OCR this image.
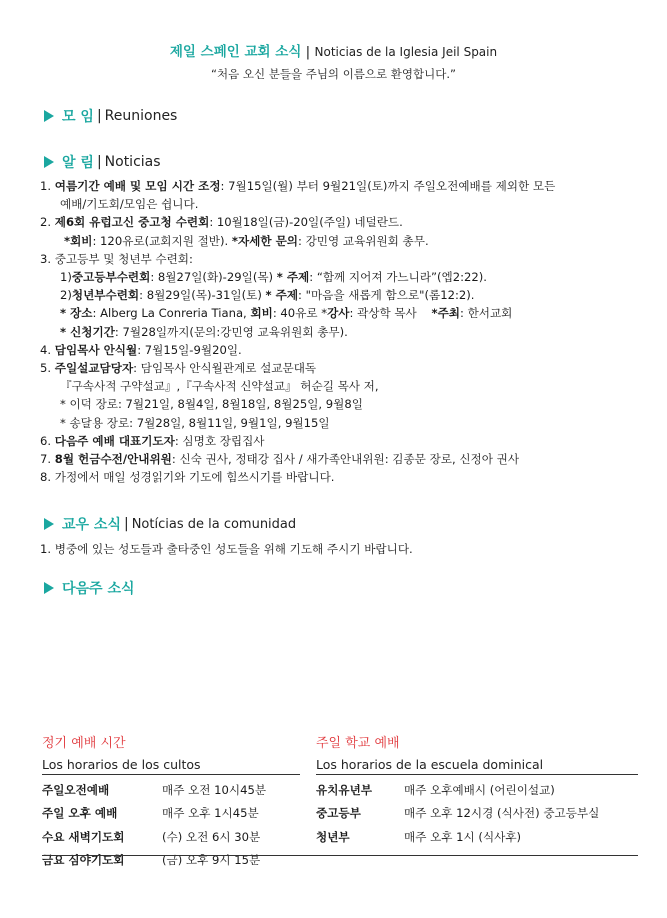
제일 스페인 교회 소식 | Noticias de la Iglesia Jeil Spain
“처음 오신 분들을 주님의 이름으로 환영합니다.”
모 임 | Reuniones
알 림 | Noticias
1. 여름기간 예배 및 모임 시간 조정: 7월15일(월) 부터 9월21일(토)까지 주일오전예배를 제외한 모든
예배/기도회/모임은 쉽니다.
2. 제6회 유럽고신 중고청 수련회: 10월18일(금)-20일(주일) 네덜란드.
*회비: 120유로(교회지원 절반). *자세한 문의: 강민영 교육위원회 총무.
3. 중고등부 및 청년부 수련회:
1)중고등부수련회: 8월27일(화)-29일(목) * 주제: “함께 지어져 가느니라”(엡2:22).
2)청년부수련회: 8월29일(목)-31일(토) * 주제: "마음을 새롭게 함으로"(롬12:2).
* 장소: Alberg La Conreria Tiana, 회비: 40유로 *강사: 곽상학 목사 *주최: 한서교회
* 신청기간: 7월28일까지(문의:강민영 교육위원회 총무).
4. 담임목사 안식월: 7월15일-9월20일.
5. 주일설교담당자: 담임목사 안식월관계로 설교문대독
『구속사적 구약설교』,『구속사적 신약설교』 허순길 목사 저,
* 이덕 장로: 7월21일, 8월4일, 8월18일, 8월25일, 9월8일
* 송달용 장로: 7월28일, 8월11일, 9월1일, 9월15일
6. 다음주 예배 대표기도자: 심명호 장립집사
7. 8월 헌금수전/안내위원: 신숙 권사, 정태강 집사 / 새가족안내위원: 김종문 장로, 신정아 권사
8. 가정에서 매일 성경읽기와 기도에 힘쓰시기를 바랍니다.
교우 소식 | Notícias de la comunidad
1. 병중에 있는 성도들과 출타중인 성도들을 위해 기도해 주시기 바랍니다.
다음주 소식
정기 예배 시간
Los horarios de los cultos
주일오전예배	매주 오전 10시45분
주일 오후 예배	매주 오후 1시45분
수요 새벽기도회	(수) 오전 6시 30분
금요 심야기도회	(금) 오후 9시 15분
주일 학교 예배
Los horarios de la escuela dominical
유치유년부	매주 오후예배시 (어린이설교)
중고등부	매주 오후 12시경 (식사전) 중고등부실
청년부	매주 오후 1시 (식사후)
